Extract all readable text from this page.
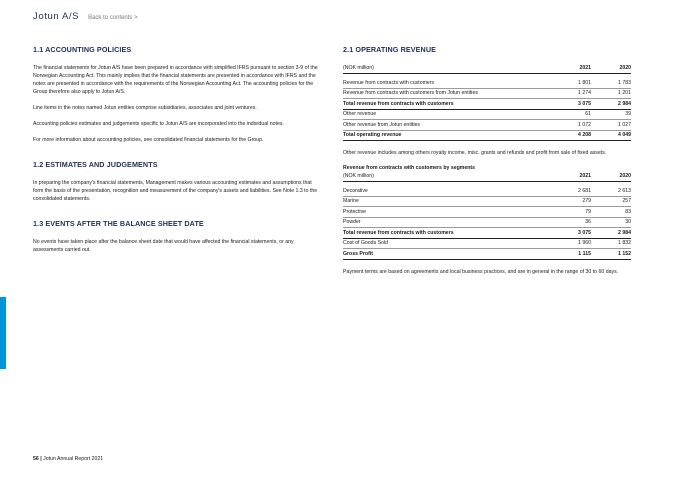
Jotun A/S Back to contents >
1.1 ACCOUNTING POLICIES

The financial statements for Jotun A/S have been prepared in accordance with simplified IFRS pursuant to section 3-9 of the Norwegian Accounting Act. This mainly implies that the financial statements are presented in accordance with IFRS and the notes are presented in accordance with the requirements of the Norwegian Accounting Act. The accounting policies for the Group therefore also apply to Jotun A/S.

Line items in the notes named Jotun entities comprise subsidiaries, associates and joint ventures.

Accounting policies estimates and judgements specific to Jotun A/S are incorporated into the individual notes.

For more information about accounting policies, see consolidated financial statements for the Group.

1.2 ESTIMATES AND JUDGEMENTS

In preparing the company's financial statements, Management makes various accounting estimates and assumptions that form the basis of the presentation, recognition and measurement of the company's assets and liabilities. See Note 1.3 to the consolidated statements.

1.3 EVENTS AFTER THE BALANCE SHEET DATE

No events have taken place after the balance sheet date that would have affected the financial statements, or any assessments carried out.

2.1 OPERATING REVENUE
(NOK million)	2021	2020

Revenue from contracts with customers	1 801	1 783
Revenue from contracts with customers from Jotun entities	1 274	1 201
Total revenue from contracts with customers	3 075	2 984
Other revenue	61	39
Other revenue from Jotun entities	1 072	1 027
Total operating revenue	4 208	4 049

Other revenue includes among others royalty income, misc. grants and refunds and profit from sale of fixed assets.

Revenue from contracts with customers by segments
(NOK million)	2021	2020

Decorative	2 681	2 613
Marine	279	257
Protective	79	83
Powder	36	30
Total revenue from contracts with customers	3 075	2 984
Cost of Goods Sold	1 960	1 832
Gross Profit	1 115	1 152

Payment terms are based on agreements and local business practices, and are in general in the range of 30 to 60 days.

56 | Jotun Annual Report 2021
